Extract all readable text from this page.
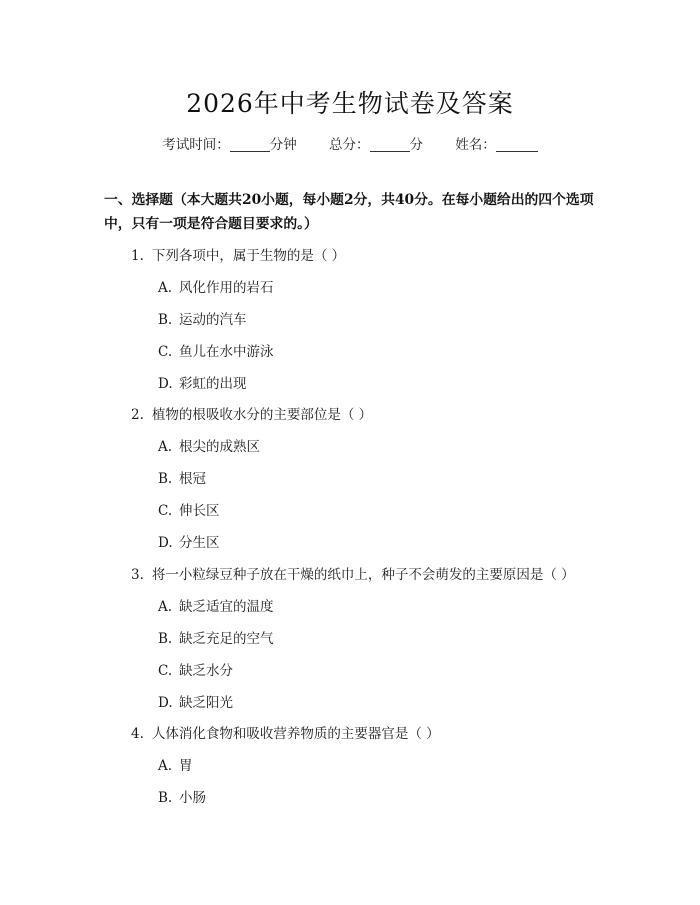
2026年中考生物试卷及答案
考试时间：	分钟 总分：	分 姓名：
一、选择题（本大题共20小题，每小题2分，共40分。在每小题给出的四个选项中，只有一项是符合题目要求的。）
1. 下列各项中，属于生物的是（ ）
A. 风化作用的岩石
B. 运动的汽车
C. 鱼儿在水中游泳
D. 彩虹的出现
2. 植物的根吸收水分的主要部位是（ ）
A. 根尖的成熟区
B. 根冠
C. 伸长区
D. 分生区
3. 将一小粒绿豆种子放在干燥的纸巾上，种子不会萌发的主要原因是（ ）
A. 缺乏适宜的温度
B. 缺乏充足的空气
C. 缺乏水分
D. 缺乏阳光
4. 人体消化食物和吸收营养物质的主要器官是（ ）
A. 胃
B. 小肠
